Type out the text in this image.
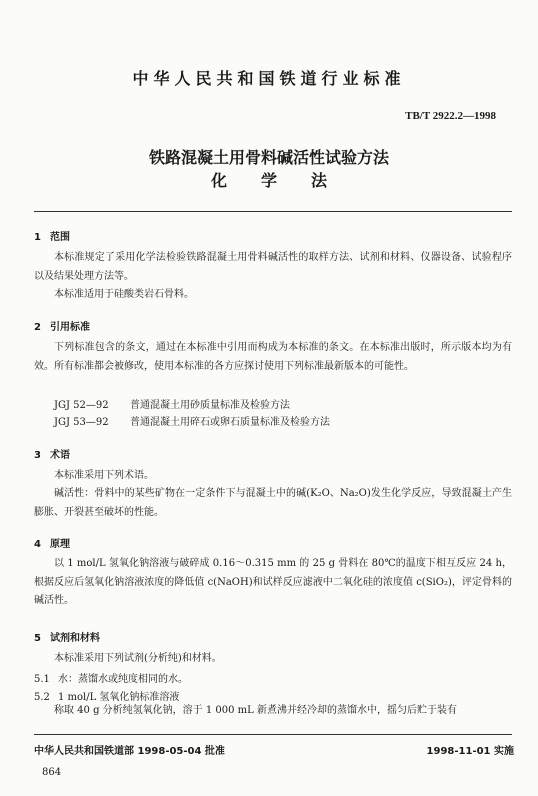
中华人民共和国铁道行业标准
TB/T 2922.2—1998
铁路混凝土用骨料碱活性试验方法
化学法
1 范围
本标准规定了采用化学法检验铁路混凝土用骨料碱活性的取样方法、试剂和材料、仪器设备、试验程序以及结果处理方法等。
本标准适用于硅酸类岩石骨料。
2 引用标准
下列标准包含的条文，通过在本标准中引用而构成为本标准的条文。在本标准出版时，所示版本均为有效。所有标准都会被修改，使用本标准的各方应探讨使用下列标准最新版本的可能性。
JGJ 52—92 普通混凝土用砂质量标准及检验方法
JGJ 53—92 普通混凝土用碎石或卵石质量标准及检验方法
3 术语
本标准采用下列术语。
碱活性：骨料中的某些矿物在一定条件下与混凝土中的碱(K₂O、Na₂O)发生化学反应，导致混凝土产生膨胀、开裂甚至破坏的性能。
4 原理
以 1 mol/L 氢氧化钠溶液与破碎成 0.16～0.315 mm 的 25 g 骨料在 80℃的温度下相互反应 24 h，根据反应后氢氧化钠溶液浓度的降低值 c(NaOH)和试样反应滤液中二氧化硅的浓度值 c(SiO₂)，评定骨料的碱活性。
5 试剂和材料
本标准采用下列试剂(分析纯)和材料。
5.1 水：蒸馏水或纯度相同的水。
5.2 1 mol/L 氢氧化钠标准溶液
称取 40 g 分析纯氢氧化钠，溶于 1 000 mL 新煮沸并经冷却的蒸馏水中，摇匀后贮于装有
中华人民共和国铁道部 1998-05-04 批准	1998-11-01 实施
864
